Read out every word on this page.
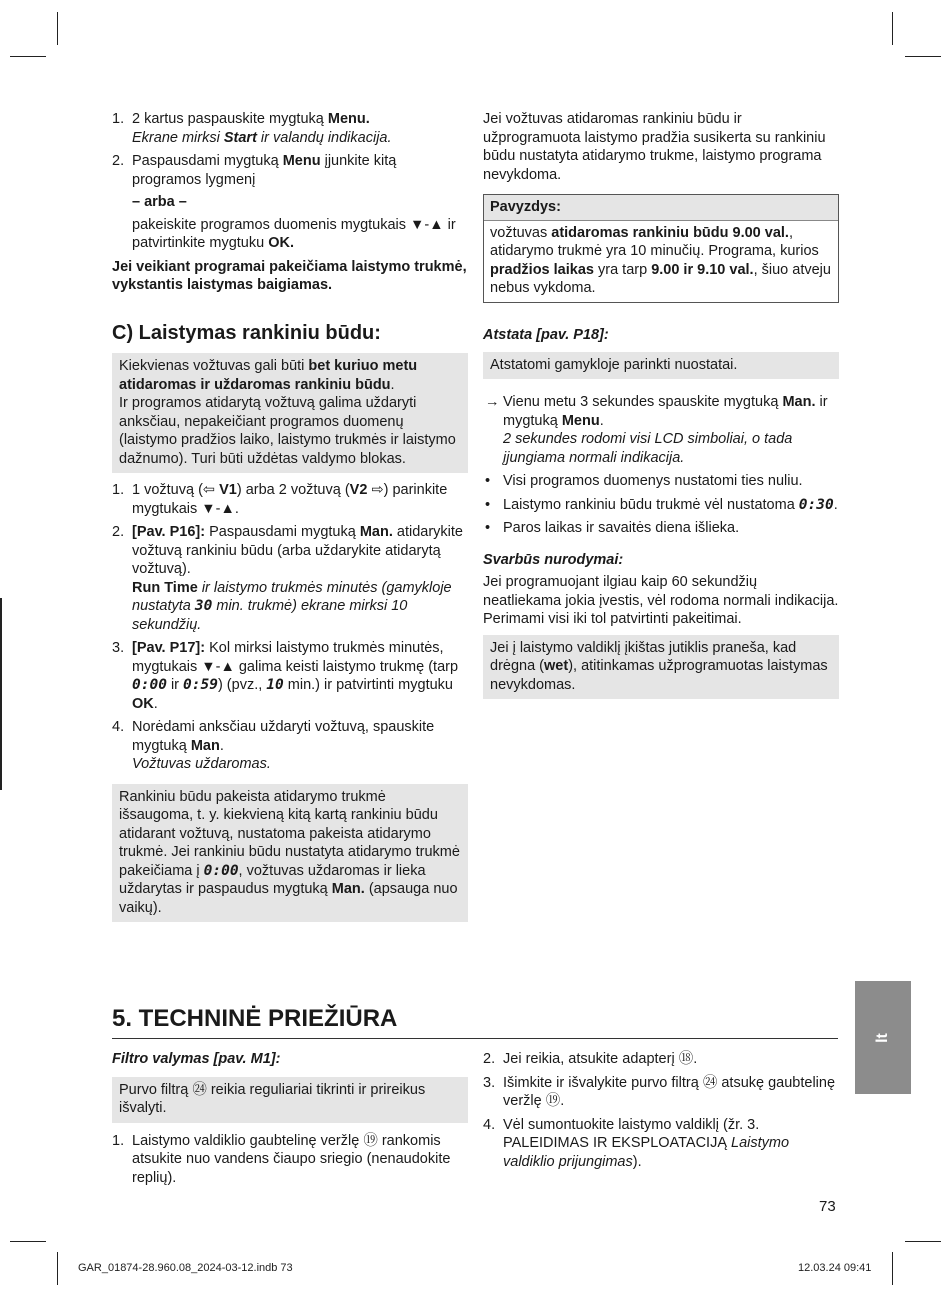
1. 2 kartus paspauskite mygtuką Menu.
Ekrane mirksi Start ir valandų indikacija.
2. Paspausdami mygtuką Menu įjunkite kitą programos lygmenį
– arba –
pakeiskite programos duomenis mygtukais ▼-▲ ir patvirtinkite mygtuku OK.
Jei veikiant programai pakeičiama laistymo trukmė, vykstantis laistymas baigiamas.
Jei vožtuvas atidaromas rankiniu būdu ir užprogramuota laistymo pradžia susikerta su rankiniu būdu nustatyta atidarymo trukme, laistymo programa nevykdoma.
Pavyzdys:
vožtuvas atidaromas rankiniu būdu 9.00 val., atidarymo trukmė yra 10 minučių. Programa, kurios pradžios laikas yra tarp 9.00 ir 9.10 val., šiuo atveju nebus vykdoma.
C) Laistymas rankiniu būdu:
Kiekvienas vožtuvas gali būti bet kuriuo metu atidaromas ir uždaromas rankiniu būdu.
Ir programos atidarytą vožtuvą galima uždaryti anksčiau, nepakeičiant programos duomenų (laistymo pradžios laiko, laistymo trukmės ir laistymo dažnumo). Turi būti uždėtas valdymo blokas.
1. 1 vožtuvą (⇦ V1) arba 2 vožtuvą (V2 ⇨) parinkite mygtukais ▼-▲.
2. [Pav. P16]: Paspausdami mygtuką Man. atidarykite vožtuvą rankiniu būdu (arba uždarykite atidarytą vožtuvą).
Run Time ir laistymo trukmės minutės (gamykloje nustatyta 30 min. trukmė) ekrane mirksi 10 sekundžių.
3. [Pav. P17]: Kol mirksi laistymo trukmės minutės, mygtukais ▼-▲ galima keisti laistymo trukmę (tarp 0:00 ir 0:59) (pvz., 10 min.) ir patvirtinti mygtuku OK.
4. Norėdami anksčiau uždaryti vožtuvą, spauskite mygtuką Man.
Vožtuvas uždaromas.
Rankiniu būdu pakeista atidarymo trukmė išsaugoma, t. y. kiekvieną kitą kartą rankiniu būdu atidarant vožtuvą, nustatoma pakeista atidarymo trukmė. Jei rankiniu būdu nustatyta atidarymo trukmė pakeičiama į 0:00, vožtuvas uždaromas ir lieka uždarytas ir paspaudus mygtuką Man. (apsauga nuo vaikų).
Atstata [pav. P18]:
Atstatomi gamykloje parinkti nuostatai.
→ Vienu metu 3 sekundes spauskite mygtuką Man. ir mygtuką Menu.
2 sekundes rodomi visi LCD simboliai, o tada įjungiama normali indikacija.
• Visi programos duomenys nustatomi ties nuliu.
• Laistymo rankiniu būdu trukmė vėl nustatoma 0:30.
• Paros laikas ir savaitės diena išlieka.
Svarbūs nurodymai:
Jei programuojant ilgiau kaip 60 sekundžių neatliekama jokia įvestis, vėl rodoma normali indikacija. Perimami visi iki tol patvirtinti pakeitimai.
Jei į laistymo valdiklį įkištas jutiklis praneša, kad drėgna (wet), atitinkamas užprogramuotas laistymas nevykdomas.
5. TECHNINĖ PRIEŽIŪRA
Filtro valymas [pav. M1]:
Purvo filtrą ㉔ reikia reguliariai tikrinti ir prireikus išvalyti.
1. Laistymo valdiklio gaubtelinę veržlę ⑲ rankomis atsukite nuo vandens čiaupo sriegio (nenaudokite replių).
2. Jei reikia, atsukite adapterį ⑱.
3. Išimkite ir išvalykite purvo filtrą ㉔ atsukę gaubtelinę veržlę ⑲.
4. Vėl sumontuokite laistymo valdiklį (žr. 3. PALEIDIMAS IR EKSPLOATACIJĄ Laistymo valdiklio prijungimas).
lt
73
GAR_01874-28.960.08_2024-03-12.indb 73	12.03.24 09:41
